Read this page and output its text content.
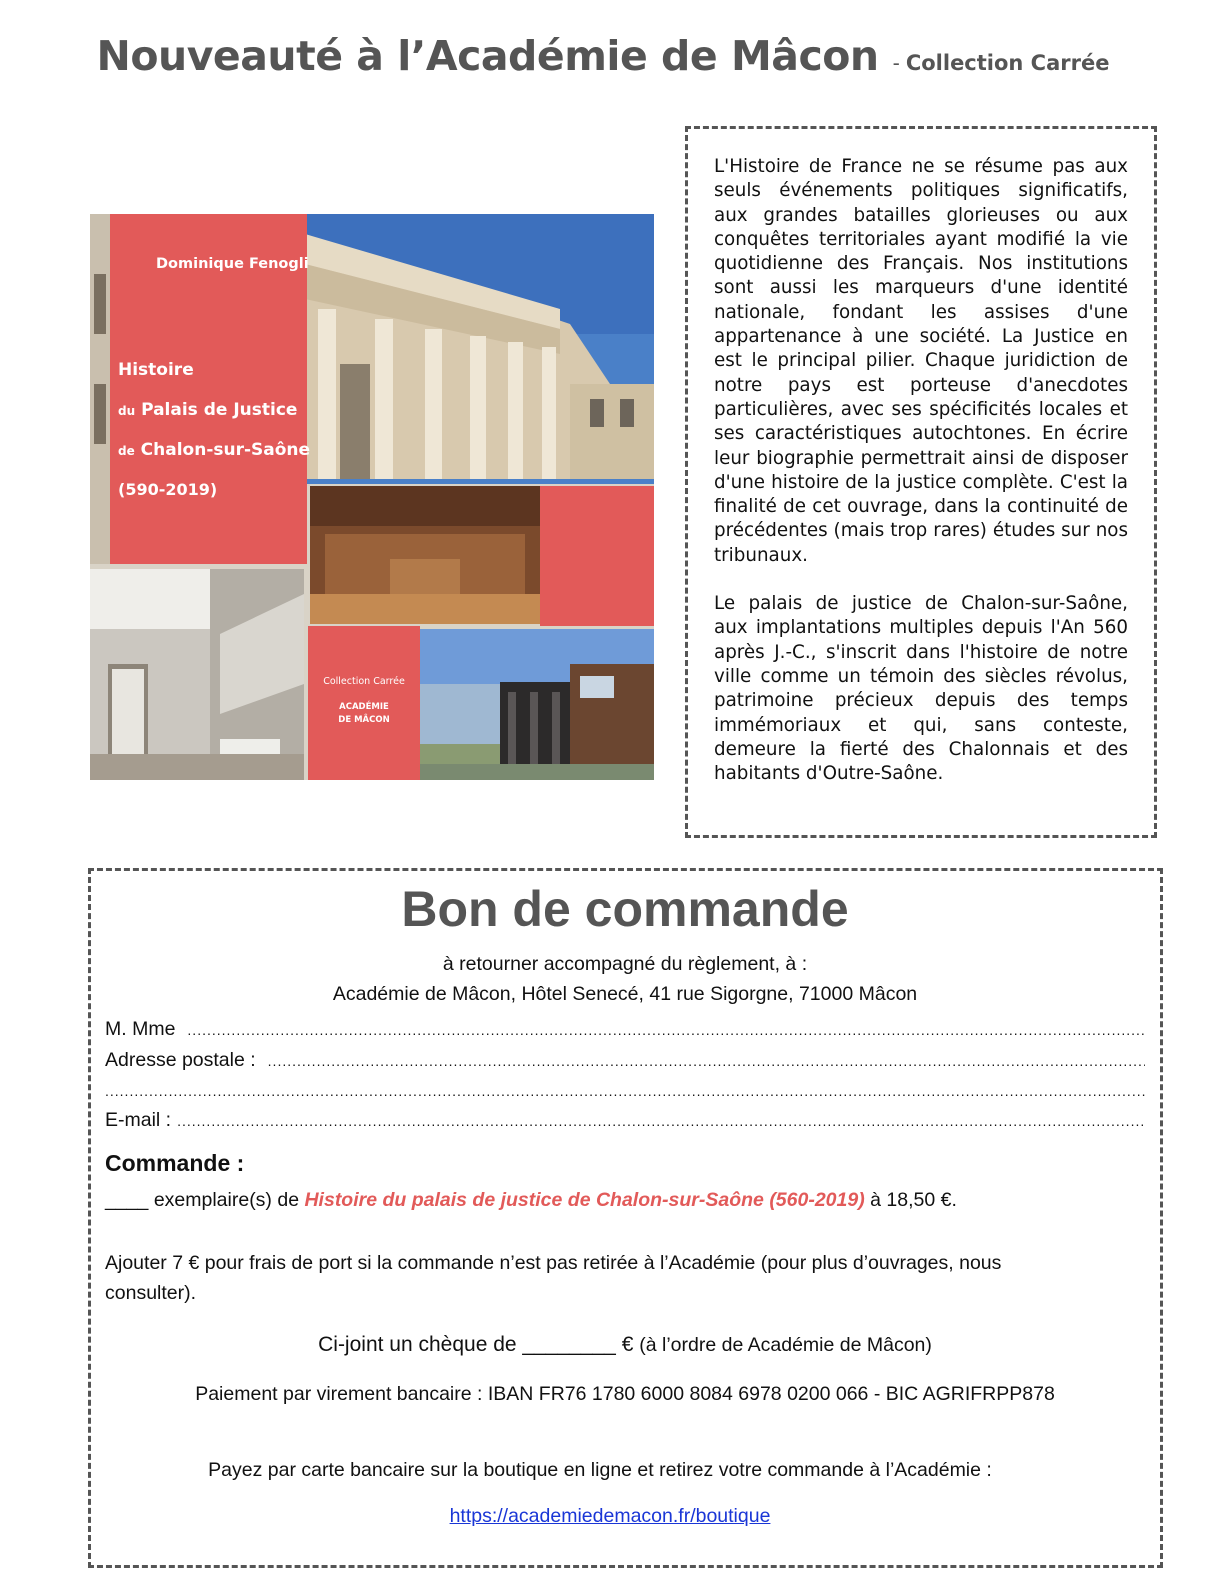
Nouveauté à l’Académie de Mâcon - Collection Carrée
Dominique Fenogli
Histoire
du Palais de Justice
de Chalon-sur-Saône
(590-2019)
Collection Carrée
ACADÉMIE
DE MÂCON

L'Histoire de France ne se résume pas aux seuls événements politiques significatifs, aux grandes batailles glorieuses ou aux conquêtes territoriales ayant modifié la vie quotidienne des Français. Nos institutions sont aussi les marqueurs d'une identité nationale, fondant les assises d'une appartenance à une société. La Justice en est le principal pilier. Chaque juridiction de notre pays est porteuse d'anecdotes particulières, avec ses spécificités locales et ses caractéristiques autochtones. En écrire leur biographie permettrait ainsi de disposer d'une histoire de la justice complète. C'est la finalité de cet ouvrage, dans la continuité de précédentes (mais trop rares) études sur nos tribunaux.

Le palais de justice de Chalon-sur-Saône, aux implantations multiples depuis l'An 560 après J.-C., s'inscrit dans l'histoire de notre ville comme un témoin des siècles révolus, patrimoine précieux depuis des temps immémoriaux et qui, sans conteste, demeure la fierté des Chalonnais et des habitants d'Outre-Saône.

Bon de commande
à retourner accompagné du règlement, à :
Académie de Mâcon, Hôtel Senecé, 41 rue Sigorgne, 71000 Mâcon
M. Mme
.....
Adresse postale :
.....
.....
E-mail :
.....
Commande :
____ exemplaire(s) de Histoire du palais de justice de Chalon-sur-Saône (560-2019) à 18,50 €.
Ajouter 7 € pour frais de port si la commande n’est pas retirée à l’Académie (pour plus d’ouvrages, nous
consulter).
Ci-joint un chèque de ________ € (à l’ordre de Académie de Mâcon)
Paiement par virement bancaire : IBAN FR76 1780 6000 8084 6978 0200 066 - BIC AGRIFRPP878
Payez par carte bancaire sur la boutique en ligne et retirez votre commande à l’Académie :
https://academiedemacon.fr/boutique
